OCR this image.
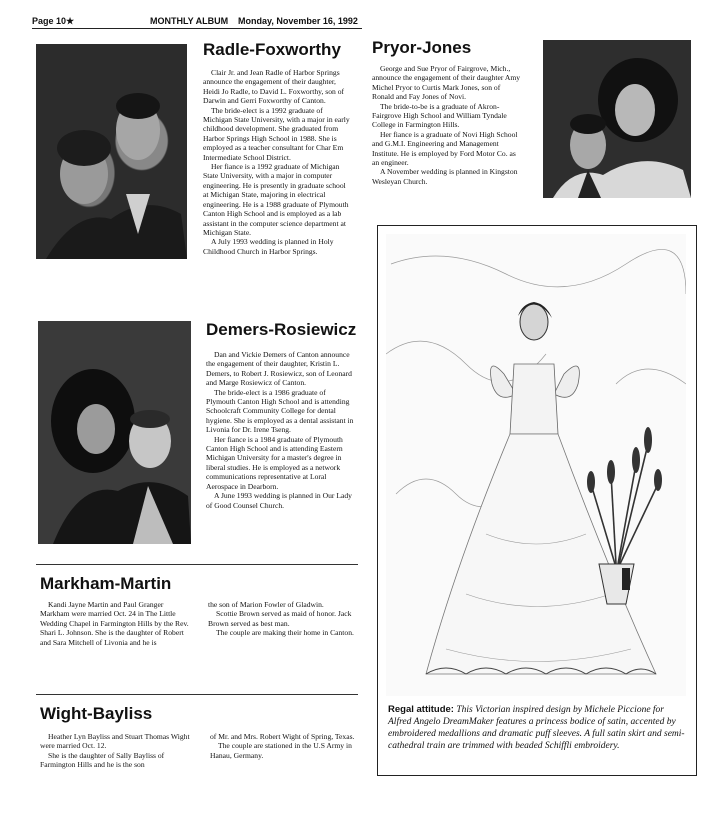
Page 10★	MONTHLY ALBUM Monday, November 16, 1992
Radle-Foxworthy

Clair Jr. and Jean Radle of Harbor Springs announce the engagement of their daughter, Heidi Jo Radle, to David L. Foxworthy, son of Darwin and Gerri Foxworthy of Canton.

The bride-elect is a 1992 graduate of Michigan State University, with a major in early childhood development. She graduated from Harbor Springs High School in 1988. She is employed as a teacher consultant for Char Em Intermediate School District.

Her fiance is a 1992 graduate of Michigan State University, with a major in computer engineering. He is presently in graduate school at Michigan State, majoring in electrical engineering. He is a 1988 graduate of Plymouth Canton High School and is employed as a lab assistant in the computer science department at Michigan State.

A July 1993 wedding is planned in Holy Childhood Church in Harbor Springs.

Pryor-Jones

George and Sue Pryor of Fairgrove, Mich., announce the engagement of their daughter Amy Michel Pryor to Curtis Mark Jones, son of Ronald and Fay Jones of Novi.

The bride-to-be is a graduate of Akron-Fairgrove High School and William Tyndale College in Farmington Hills.

Her fiance is a graduate of Novi High School and G.M.I. Engineering and Management Institute. He is employed by Ford Motor Co. as an engineer.

A November wedding is planned in Kingston Wesleyan Church.

Demers-Rosiewicz

Dan and Vickie Demers of Canton announce the engagement of their daughter, Kristin L. Demers, to Robert J. Rosiewicz, son of Leonard and Marge Rosiewicz of Canton.

The bride-elect is a 1986 graduate of Plymouth Canton High School and is attending Schoolcraft Community College for dental hygiene. She is employed as a dental assistant in Livonia for Dr. Irene Tseng.

Her fiance is a 1984 graduate of Plymouth Canton High School and is attending Eastern Michigan University for a master's degree in liberal studies. He is employed as a network communications representative at Loral Aerospace in Dearborn.

A June 1993 wedding is planned in Our Lady of Good Counsel Church.

Markham-Martin

Kandi Jayne Martin and Paul Granger Markham were married Oct. 24 in The Little Wedding Chapel in Farmington Hills by the Rev. Shari L. Johnson. She is the daughter of Robert and Sara Mitchell of Livonia and he is

the son of Marion Fowler of Gladwin.

Scottie Brown served as maid of honor. Jack Brown served as best man.

The couple are making their home in Canton.

Wight-Bayliss

Heather Lyn Bayliss and Stuart Thomas Wight were married Oct. 12.

She is the daughter of Sally Bayliss of Farmington Hills and he is the son

of Mr. and Mrs. Robert Wight of Spring, Texas.

The couple are stationed in the U.S Army in Hanau, Germany.

Regal attitude: This Victorian inspired design by Michele Piccione for Alfred Angelo DreamMaker features a princess bodice of satin, accented by embroidered medallions and dramatic puff sleeves. A full satin skirt and semi-cathedral train are trimmed with beaded Schiffli embroidery.
